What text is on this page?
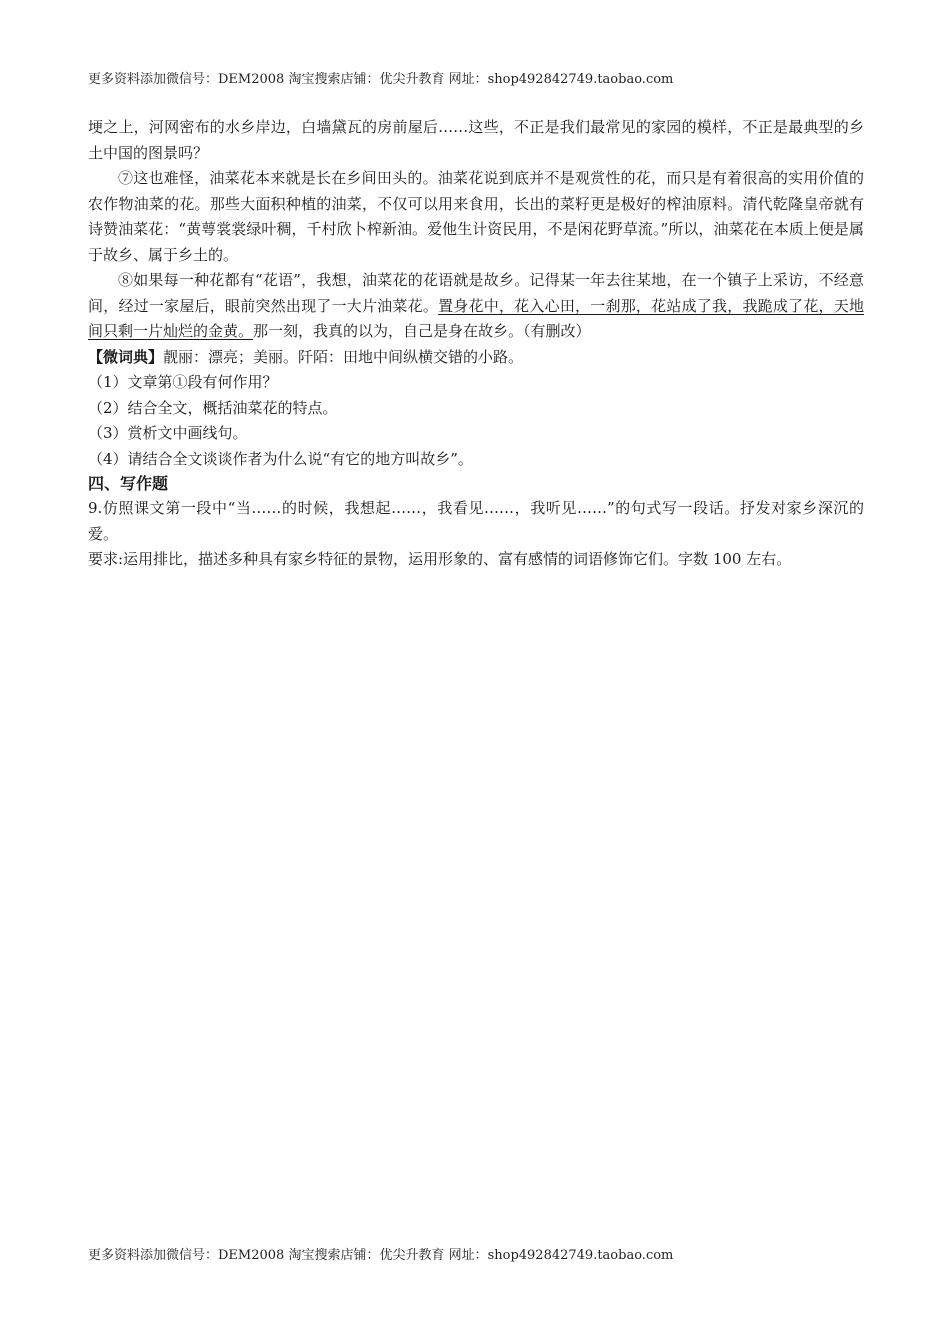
更多资料添加微信号：DEM2008 淘宝搜索店铺：优尖升教育 网址：shop492842749.taobao.com

埂之上，河网密布的水乡岸边，白墙黛瓦的房前屋后……这些，不正是我们最常见的家园的模样，不正是最典型的乡土中国的图景吗？

⑦这也难怪，油菜花本来就是长在乡间田头的。油菜花说到底并不是观赏性的花，而只是有着很高的实用价值的农作物油菜的花。那些大面积种植的油菜，不仅可以用来食用，长出的菜籽更是极好的榨油原料。清代乾隆皇帝就有诗赞油菜花：“黄萼裳裳绿叶稠，千村欣卜榨新油。爱他生计资民用，不是闲花野草流。”所以，油菜花在本质上便是属于故乡、属于乡土的。

⑧如果每一种花都有“花语”，我想，油菜花的花语就是故乡。记得某一年去往某地，在一个镇子上采访，不经意间，经过一家屋后，眼前突然出现了一大片油菜花。置身花中，花入心田，一刹那，花站成了我，我跪成了花，天地间只剩一片灿烂的金黄。那一刻，我真的以为，自己是身在故乡。（有删改）

【微词典】靓丽：漂亮；美丽。阡陌：田地中间纵横交错的小路。

（1）文章第①段有何作用？

（2）结合全文，概括油菜花的特点。

（3）赏析文中画线句。

（4）请结合全文谈谈作者为什么说“有它的地方叫故乡”。

四、写作题

9.仿照课文第一段中“当……的时候，我想起……，我看见……，我听见……”的句式写一段话。抒发对家乡深沉的爱。

要求:运用排比，描述多种具有家乡特征的景物，运用形象的、富有感情的词语修饰它们。字数 100 左右。

更多资料添加微信号：DEM2008 淘宝搜索店铺：优尖升教育 网址：shop492842749.taobao.com
